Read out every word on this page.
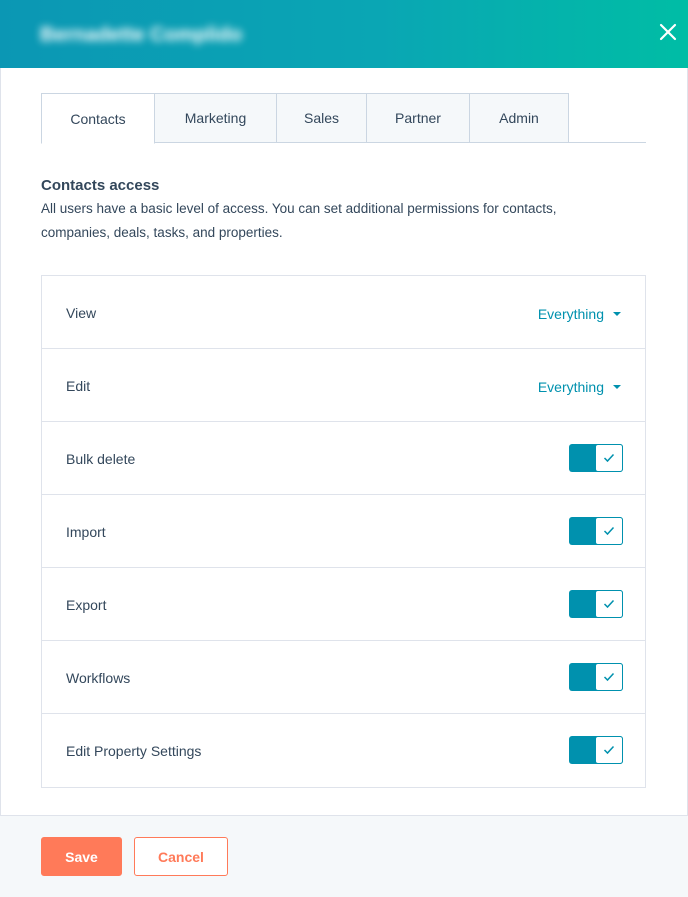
Bernadette Complido
Contacts	Marketing	Sales	Partner	Admin
Contacts access
All users have a basic level of access. You can set additional permissions for contacts, companies, deals, tasks, and properties.
View	Everything
Edit	Everything
Bulk delete
Import
Export
Workflows
Edit Property Settings
Save	Cancel
